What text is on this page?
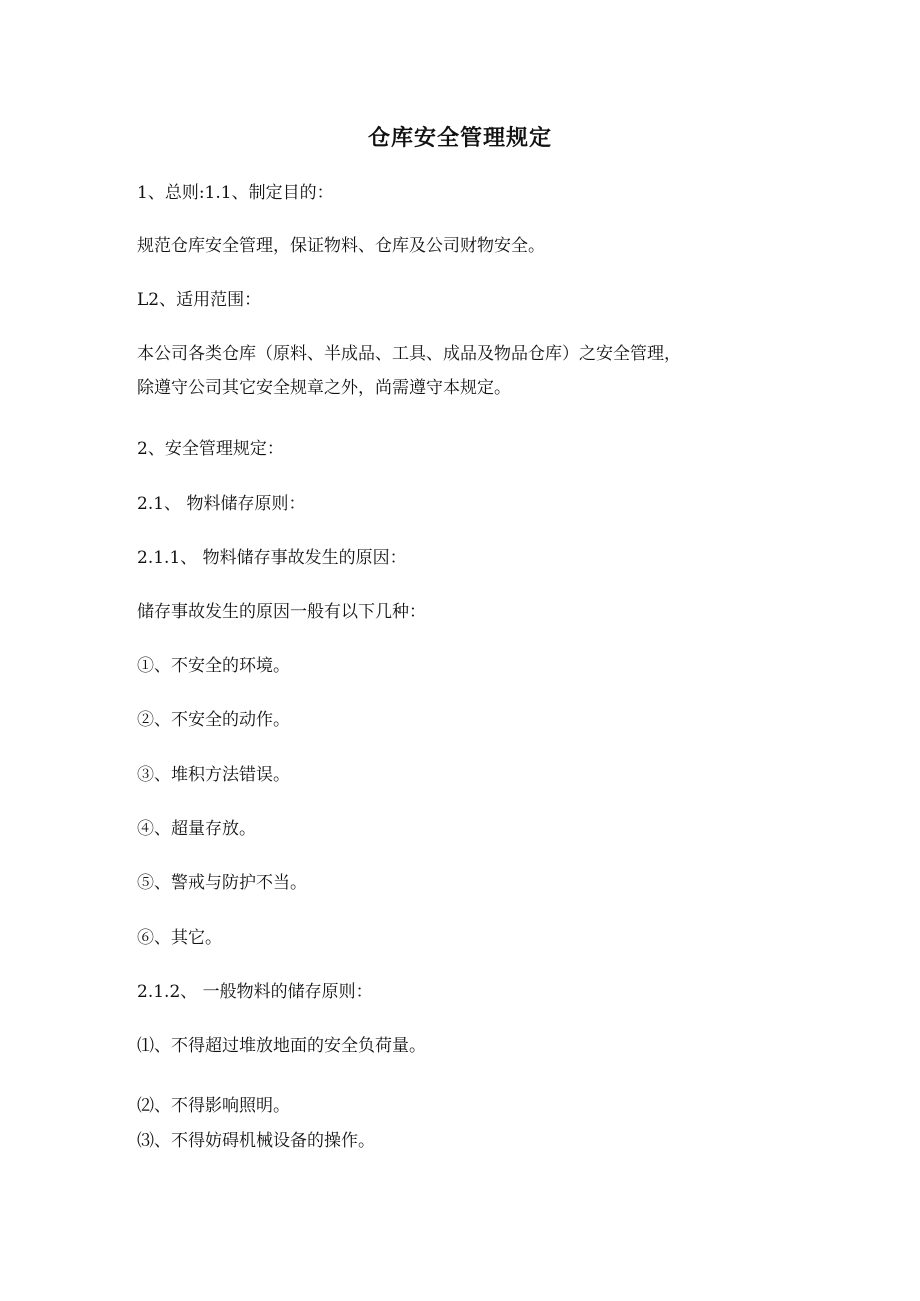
仓库安全管理规定
1、总则:1.1、制定目的：
规范仓库安全管理，保证物料、仓库及公司财物安全。
L2、适用范围：
本公司各类仓库（原料、半成品、工具、成品及物品仓库）之安全管理，
除遵守公司其它安全规章之外，尚需遵守本规定。
2、安全管理规定：
2.1、 物料储存原则：
2.1.1、 物料储存事故发生的原因：
储存事故发生的原因一般有以下几种：
①、不安全的环境。
②、不安全的动作。
③、堆积方法错误。
④、超量存放。
⑤、警戒与防护不当。
⑥、其它。
2.1.2、 一般物料的储存原则：
⑴、不得超过堆放地面的安全负荷量。
⑵、不得影响照明。
⑶、不得妨碍机械设备的操作。
